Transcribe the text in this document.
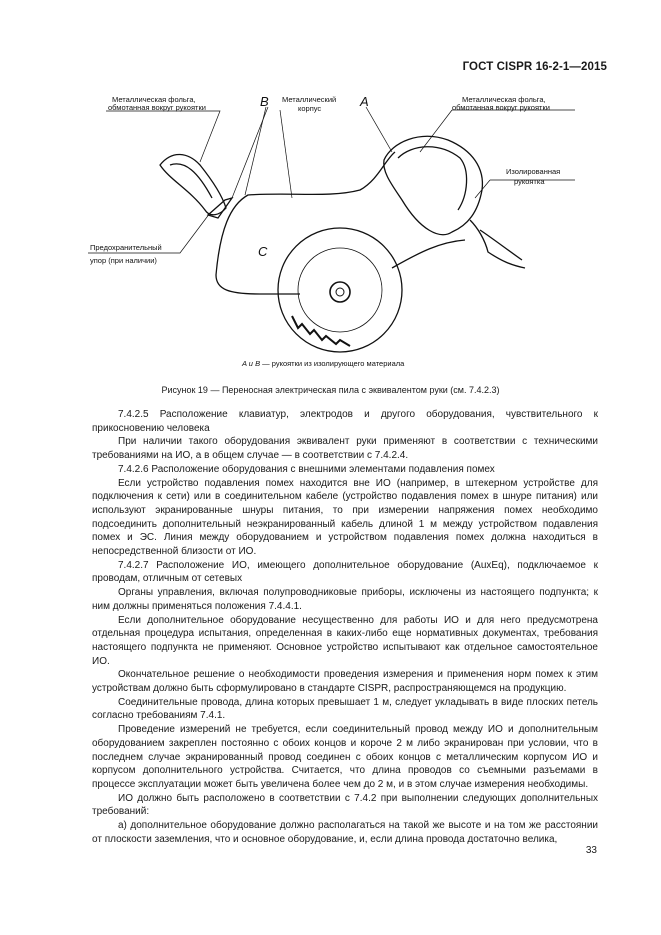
ГОСТ CISPR 16-2-1—2015
Металлическая фольга,
обмотанная вокруг рукоятки	B Металлический
корпус	A	Металлическая фольга,
обмотанная вокруг рукоятки
Изолированная
рукоятка
Предохранительный
упор (при наличии)
C
A и B — рукоятки из изолирующего материала
Рисунок 19 — Переносная электрическая пила с эквивалентом руки (см. 7.4.2.3)

7.4.2.5 Расположение клавиатур, электродов и другого оборудования, чувствительного к прикосновению человека

При наличии такого оборудования эквивалент руки применяют в соответствии с техническими требованиями на ИО, а в общем случае — в соответствии с 7.4.2.4.

7.4.2.6 Расположение оборудования с внешними элементами подавления помех

Если устройство подавления помех находится вне ИО (например, в штекерном устройстве для подключения к сети) или в соединительном кабеле (устройство подавления помех в шнуре питания) или используют экранированные шнуры питания, то при измерении напряжения помех необходимо подсоединить дополнительный неэкранированный кабель длиной 1 м между устройством подавления помех и ЭС. Линия между оборудованием и устройством подавления помех должна находиться в непосредственной близости от ИО.

7.4.2.7 Расположение ИО, имеющего дополнительное оборудование (AuxEq), подключаемое к проводам, отличным от сетевых

Органы управления, включая полупроводниковые приборы, исключены из настоящего подпункта; к ним должны применяться положения 7.4.4.1.

Если дополнительное оборудование несущественно для работы ИО и для него предусмотрена отдельная процедура испытания, определенная в каких-либо еще нормативных документах, требования настоящего подпункта не применяют. Основное устройство испытывают как отдельное самостоятельное ИО.

Окончательное решение о необходимости проведения измерения и применения норм помех к этим устройствам должно быть сформулировано в стандарте CISPR, распространяющемся на продукцию.

Соединительные провода, длина которых превышает 1 м, следует укладывать в виде плоских петель согласно требованиям 7.4.1.

Проведение измерений не требуется, если соединительный провод между ИО и дополнительным оборудованием закреплен постоянно с обоих концов и короче 2 м либо экранирован при условии, что в последнем случае экранированный провод соединен с обоих концов с металлическим корпусом ИО и корпусом дополнительного устройства. Считается, что длина проводов со съемными разъемами в процессе эксплуатации может быть увеличена более чем до 2 м, и в этом случае измерения необходимы.

ИО должно быть расположено в соответствии с 7.4.2 при выполнении следующих дополнительных требований:

а) дополнительное оборудование должно располагаться на такой же высоте и на том же расстоянии от плоскости заземления, что и основное оборудование, и, если длина провода достаточно велика,

33
